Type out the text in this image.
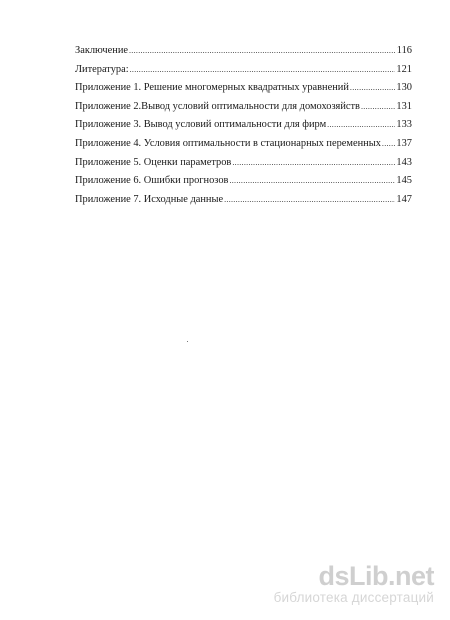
Заключение .....	116
Литература: .....	121
Приложение 1. Решение многомерных квадратных уравнений .....	130
Приложение 2.Вывод условий оптимальности для домохозяйств .....	131
Приложение 3. Вывод условий оптимальности для фирм .....	133
Приложение 4. Условия оптимальности в стационарных переменных ..... 137
Приложение 5. Оценки параметров .....	143
Приложение 6. Ошибки прогнозов .....	145
Приложение 7. Исходные данные .....	147
dsLib.net
библиотека диссертаций
